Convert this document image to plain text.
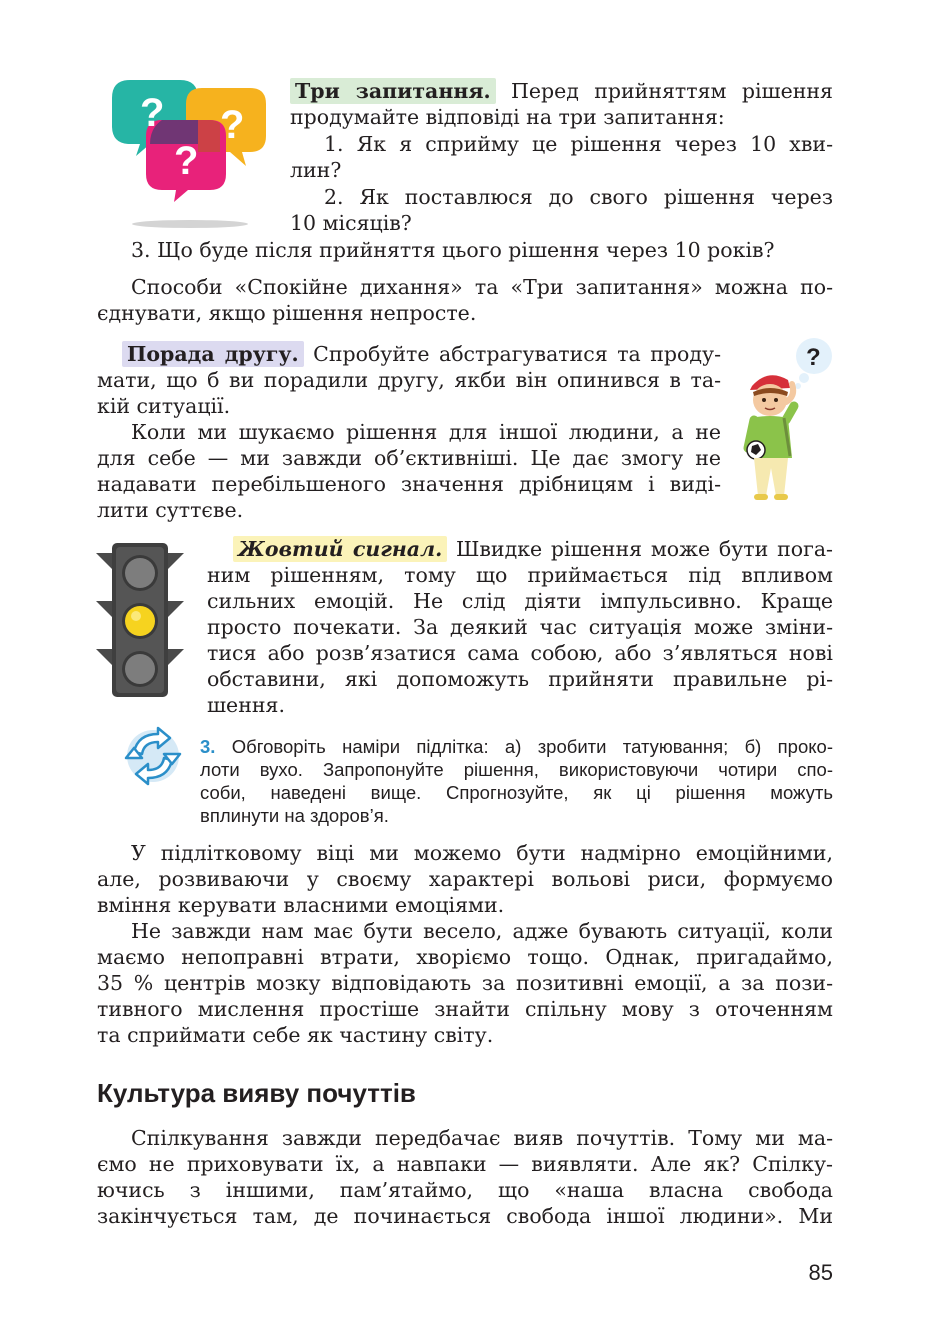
? ?
?
Три запитання. Перед прийняттям рішення
продумайте відповіді на три запитання:
1. Як я сприйму це рішення через 10 хви-
лин?
2. Як поставлюся до свого рішення через
10 місяців?
3. Що буде після прийняття цього рішення через 10 років?
Способи «Спокійне дихання» та «Три запитання» можна по-
єднувати, якщо рішення непросте.
Порада другу. Спробуйте абстрагуватися та проду-
мати, що б ви порадили другу, якби він опинився в та-
кій ситуації.
Коли ми шукаємо рішення для іншої людини, а не
для себе — ми завжди об’єктивніші. Це дає змогу не
надавати перебільшеного значення дрібницям і виді-
лити суттєве.
?
Жовтий сигнал. Швидке рішення може бути пога-
ним рішенням, тому що приймається під впливом
сильних емоцій. Не слід діяти імпульсивно. Краще
просто почекати. За деякий час ситуація може зміни-
тися або розв’язатися сама собою, або з’являться нові
обставини, які допоможуть прийняти правильне рі-
шення.
3. Обговоріть наміри підлітка: а) зробити татуювання; б) проко-
лоти вухо. Запропонуйте рішення, використовуючи чотири спо-
соби, наведені вище. Спрогнозуйте, як ці рішення можуть
вплинути на здоров’я.
У підлітковому віці ми можемо бути надмірно емоційними,
але, розвиваючи у своєму характері вольові риси, формуємо
вміння керувати власними емоціями.
Не завжди нам має бути весело, адже бувають ситуації, коли
маємо непоправні втрати, хворіємо тощо. Однак, пригадаймо,
35 % центрів мозку відповідають за позитивні емоції, а за пози-
тивного мислення простіше знайти спільну мову з оточенням
та сприймати себе як частину світу.
Культура вияву почуттів
Спілкування завжди передбачає вияв почуттів. Тому ми ма-
ємо не приховувати їх, а навпаки — виявляти. Але як? Спілку-
ючись з іншими, пам’ятаймо, що «наша власна свобода
закінчується там, де починається свобода іншої людини». Ми
85
